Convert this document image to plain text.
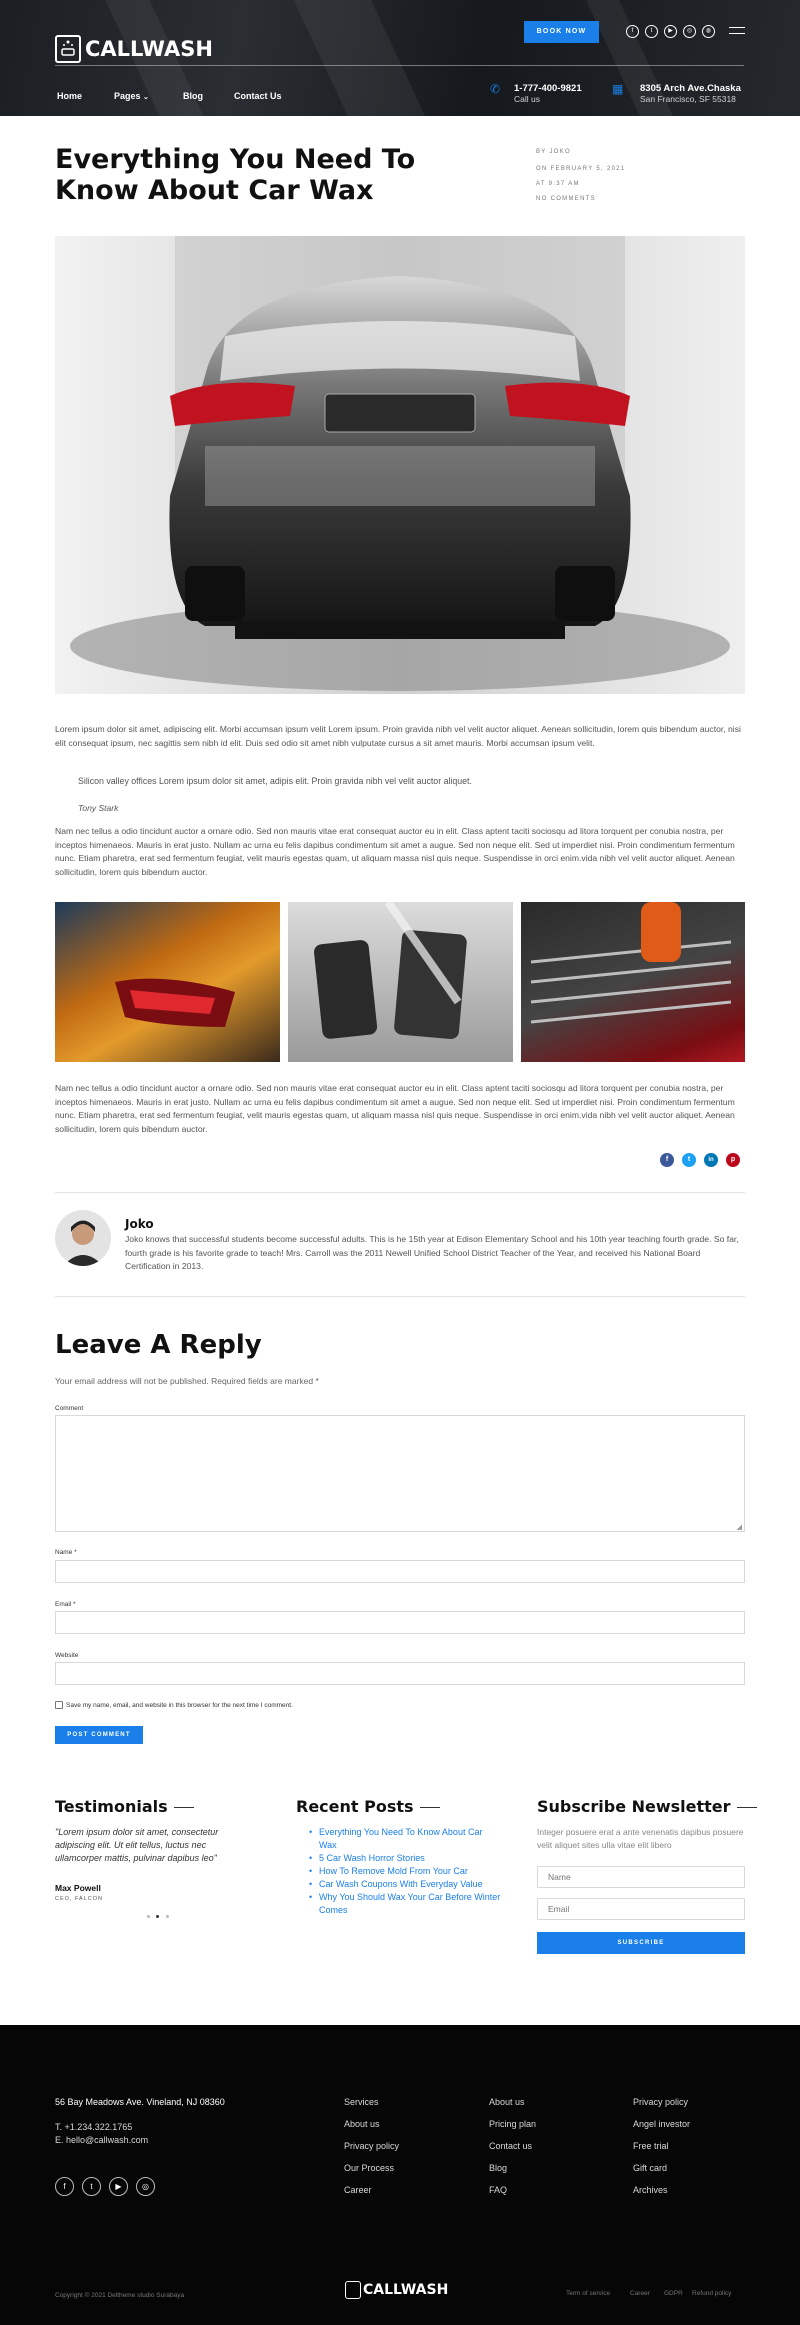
CALLWASH
BOOK NOW	f	t	▶	◎	◍
Home	Pages ⌄	Blog	Contact Us	✆ 1-777-400-9821
Call us
▦ 8305 Arch Ave.Chaska
San Francisco, SF 55318
Everything You Need To Know About Car Wax
BY JOKO
ON FEBRUARY 5, 2021
AT 9:37 AM
NO COMMENTS

Lorem ipsum dolor sit amet, adipiscing elit. Morbi accumsan ipsum velit Lorem ipsum. Proin gravida nibh vel velit auctor aliquet. Aenean sollicitudin, lorem quis bibendum auctor, nisi elit consequat ipsum, nec sagittis sem nibh id elit. Duis sed odio sit amet nibh vulputate cursus a sit amet mauris. Morbi accumsan ipsum velit.

Silicon valley offices Lorem ipsum dolor sit amet, adipis elit. Proin gravida nibh vel velit auctor aliquet.

Tony Stark

Nam nec tellus a odio tincidunt auctor a ornare odio. Sed non mauris vitae erat consequat auctor eu in elit. Class aptent taciti sociosqu ad litora torquent per conubia nostra, per inceptos himenaeos. Mauris in erat justo. Nullam ac urna eu felis dapibus condimentum sit amet a augue. Sed non neque elit. Sed ut imperdiet nisi. Proin condimentum fermentum nunc. Etiam pharetra, erat sed fermentum feugiat, velit mauris egestas quam, ut aliquam massa nisl quis neque. Suspendisse in orci enim.vida nibh vel velit auctor aliquet. Aenean sollicitudin, lorem quis bibendum auctor.

Nam nec tellus a odio tincidunt auctor a ornare odio. Sed non mauris vitae erat consequat auctor eu in elit. Class aptent taciti sociosqu ad litora torquent per conubia nostra, per inceptos himenaeos. Mauris in erat justo. Nullam ac urna eu felis dapibus condimentum sit amet a augue. Sed non neque elit. Sed ut imperdiet nisi. Proin condimentum fermentum nunc. Etiam pharetra, erat sed fermentum feugiat, velit mauris egestas quam, ut aliquam massa nisl quis neque. Suspendisse in orci enim.vida nibh vel velit auctor aliquet. Aenean sollicitudin, lorem quis bibendum auctor.

f	t	in	p
Joko

Joko knows that successful students become successful adults. This is he 15th year at Edison Elementary School and his 10th year teaching fourth grade. So far, fourth grade is his favorite grade to teach! Mrs. Carroll was the 2011 Newell Unified School District Teacher of the Year, and received his National Board Certification in 2013.

Leave A Reply
Your email address will not be published. Required fields are marked *
Comment
◢
Name *
Email *
Website
Save my name, email, and website in this browser for the next time I comment.
POST COMMENT
Testimonials

"Lorem ipsum dolor sit amet, consectetur adipiscing elit. Ut elit tellus, luctus nec ullamcorper mattis, pulvinar dapibus leo"

Max Powell
CEO, FALCON
Recent Posts
• Everything You Need To Know About Car Wax
• 5 Car Wash Horror Stories
• How To Remove Mold From Your Car
• Car Wash Coupons With Everyday Value
• Why You Should Wax Your Car Before Winter Comes
Subscribe Newsletter

Integer posuere erat a ante venenatis dapibus posuere velit aliquet sites ulla vitae elit libero

Name
Email
SUBSCRIBE
56 Bay Meadows Ave. Vineland, NJ 08360
T. +1.234.322.1765
E. hello@callwash.com
f	t	▶	◎
Services
About us
Privacy policy
Our Process
Career
About us
Pricing plan
Contact us
Blog
FAQ
Privacy policy
Angel investor
Free trial
Gift card
Archives
Copyright © 2021 Deltheme studio Surabaya	CALLWASH	Term of service	Career GDPR Refund policy
